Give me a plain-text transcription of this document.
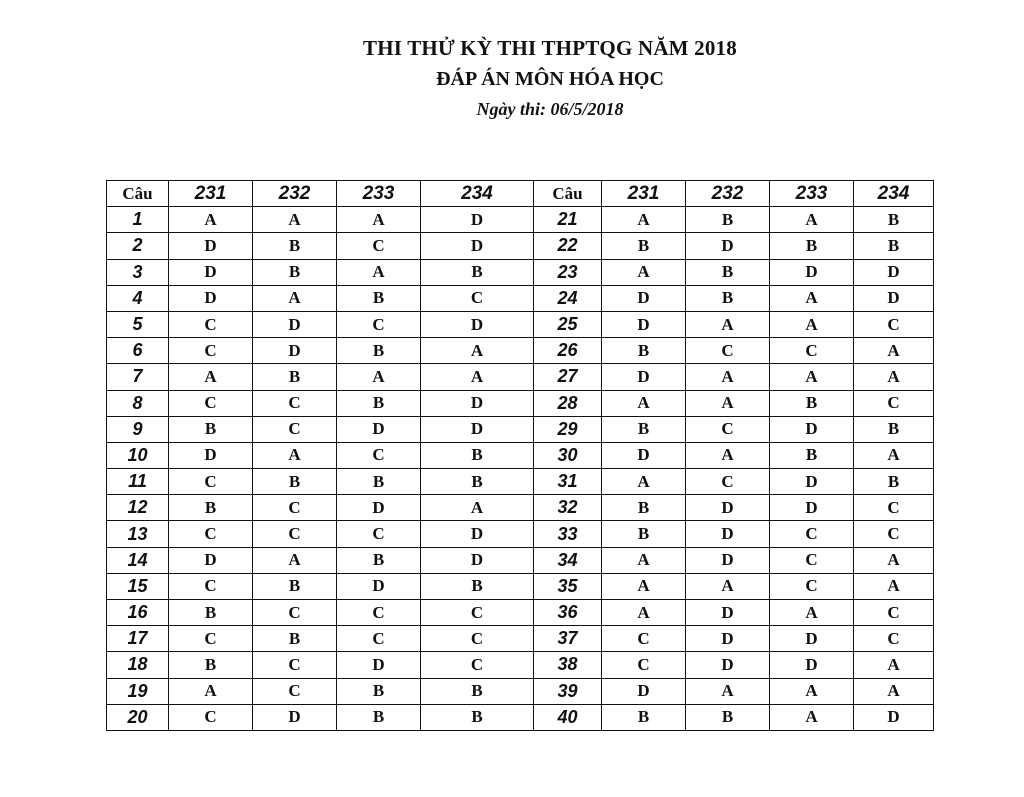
THI THỬ KỲ THI THPTQG NĂM 2018
ĐÁP ÁN MÔN HÓA HỌC
Ngày thi: 06/5/2018
Câu	231	232	233	234	Câu	231	232	233	234
1	A	A	A	D	21	A	B	A	B
2	D	B	C	D	22	B	D	B	B
3	D	B	A	B	23	A	B	D	D
4	D	A	B	C	24	D	B	A	D
5	C	D	C	D	25	D	A	A	C
6	C	D	B	A	26	B	C	C	A
7	A	B	A	A	27	D	A	A	A
8	C	C	B	D	28	A	A	B	C
9	B	C	D	D	29	B	C	D	B
10	D	A	C	B	30	D	A	B	A
11	C	B	B	B	31	A	C	D	B
12	B	C	D	A	32	B	D	D	C
13	C	C	C	D	33	B	D	C	C
14	D	A	B	D	34	A	D	C	A
15	C	B	D	B	35	A	A	C	A
16	B	C	C	C	36	A	D	A	C
17	C	B	C	C	37	C	D	D	C
18	B	C	D	C	38	C	D	D	A
19	A	C	B	B	39	D	A	A	A
20	C	D	B	B	40	B	B	A	D
